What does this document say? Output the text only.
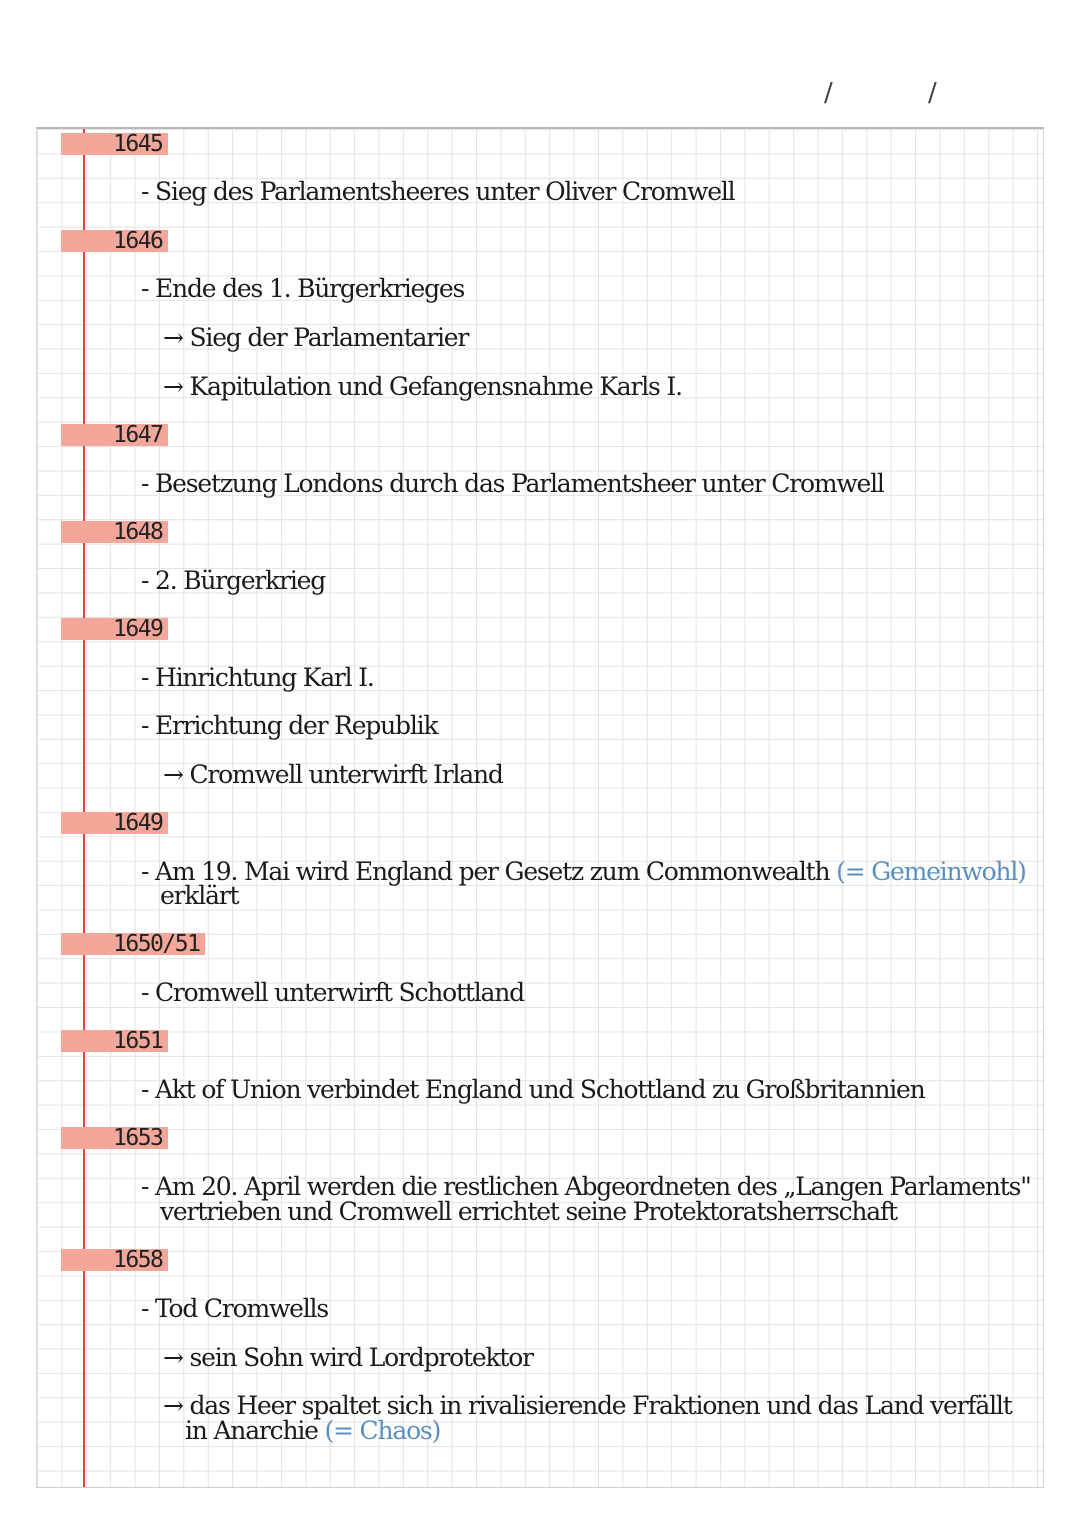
/	/
1645
- Sieg des Parlamentsheeres unter Oliver Cromwell
1646
- Ende des 1. Bürgerkrieges
→ Sieg der Parlamentarier
→ Kapitulation und Gefangensnahme Karls I.
1647
- Besetzung Londons durch das Parlamentsheer unter Cromwell
1648
- 2. Bürgerkrieg
1649
- Hinrichtung Karl I.
- Errichtung der Republik
→ Cromwell unterwirft Irland
1649
- Am 19. Mai wird England per Gesetz zum Commonwealth (= Gemeinwohl)
erklärt
1650/51
- Cromwell unterwirft Schottland
1651
- Akt of Union verbindet England und Schottland zu Großbritannien
1653
- Am 20. April werden die restlichen Abgeordneten des „Langen Parlaments"
vertrieben und Cromwell errichtet seine Protektoratsherrschaft
1658
- Tod Cromwells
→ sein Sohn wird Lordprotektor
→ das Heer spaltet sich in rivalisierende Fraktionen und das Land verfällt
in Anarchie (= Chaos)
